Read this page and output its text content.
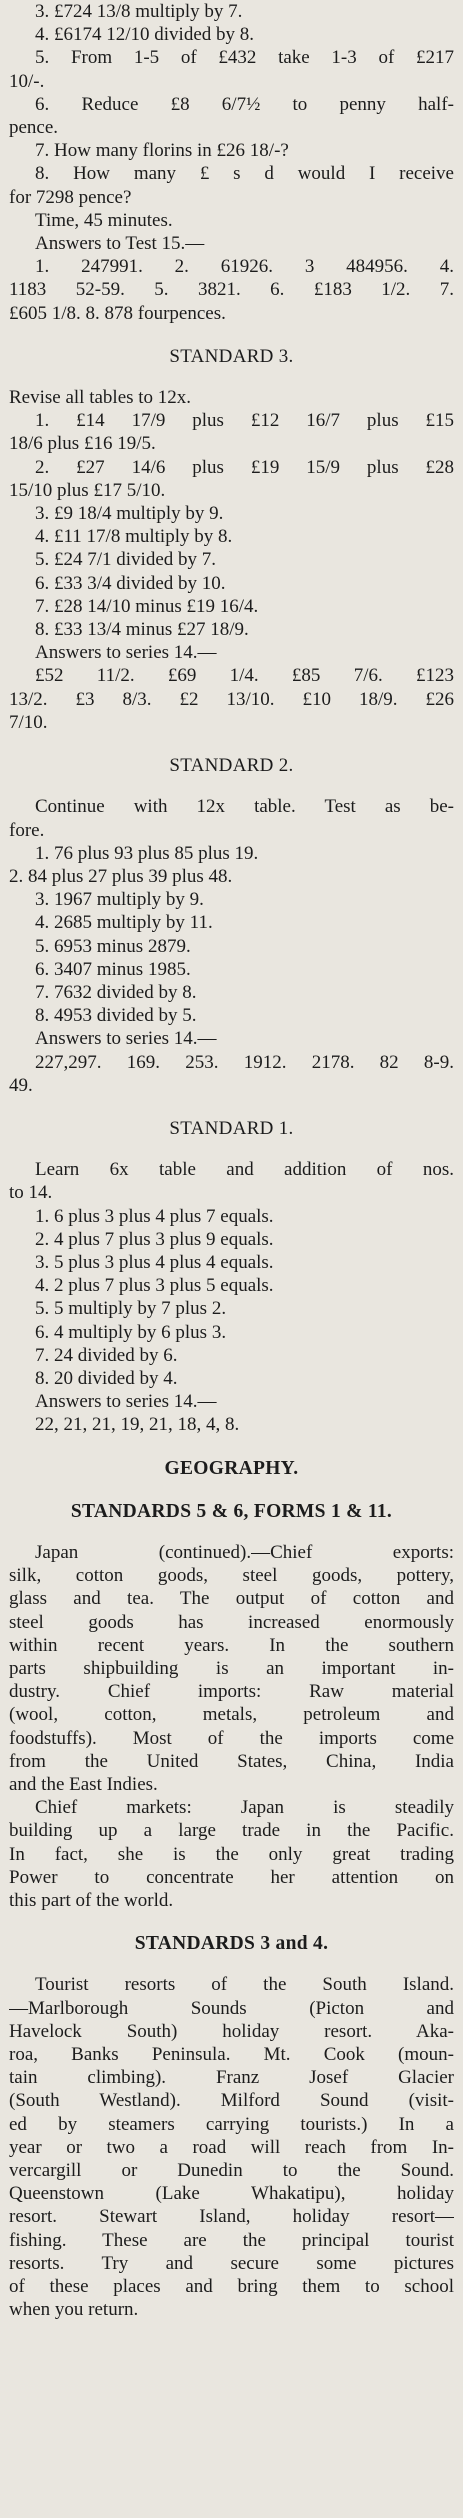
3. £724 13/8 multiply by 7.
4. £6174 12/10 divided by 8.
5. From 1-5 of £432 take 1-3 of £217
10/-.
6. Reduce £8 6/7½ to penny half-
pence.
7. How many florins in £26 18/-?
8. How many £ s d would I receive
for 7298 pence?
Time, 45 minutes.
Answers to Test 15.—
1. 247991. 2. 61926. 3 484956. 4.
1183 52-59. 5. 3821. 6. £183 1/2. 7.
£605 1/8. 8. 878 fourpences.
STANDARD 3.
Revise all tables to 12x.
1. £14 17/9 plus £12 16/7 plus £15
18/6 plus £16 19/5.
2. £27 14/6 plus £19 15/9 plus £28
15/10 plus £17 5/10.
3. £9 18/4 multiply by 9.
4. £11 17/8 multiply by 8.
5. £24 7/1 divided by 7.
6. £33 3/4 divided by 10.
7. £28 14/10 minus £19 16/4.
8. £33 13/4 minus £27 18/9.
Answers to series 14.—
£52 11/2. £69 1/4. £85 7/6. £123
13/2. £3 8/3. £2 13/10. £10 18/9. £26
7/10.
STANDARD 2.
Continue with 12x table. Test as be-
fore.
1. 76 plus 93 plus 85 plus 19.
2. 84 plus 27 plus 39 plus 48.
3. 1967 multiply by 9.
4. 2685 multiply by 11.
5. 6953 minus 2879.
6. 3407 minus 1985.
7. 7632 divided by 8.
8. 4953 divided by 5.
Answers to series 14.—
227,297. 169. 253. 1912. 2178. 82 8-9.
49.
STANDARD 1.
Learn 6x table and addition of nos.
to 14.
1. 6 plus 3 plus 4 plus 7 equals.
2. 4 plus 7 plus 3 plus 9 equals.
3. 5 plus 3 plus 4 plus 4 equals.
4. 2 plus 7 plus 3 plus 5 equals.
5. 5 multiply by 7 plus 2.
6. 4 multiply by 6 plus 3.
7. 24 divided by 6.
8. 20 divided by 4.
Answers to series 14.—
22, 21, 21, 19, 21, 18, 4, 8.
GEOGRAPHY.
STANDARDS 5 & 6, FORMS 1 & 11.
Japan (continued).—Chief exports:
silk, cotton goods, steel goods, pottery,
glass and tea. The output of cotton and
steel goods has increased enormously
within recent years. In the southern
parts shipbuilding is an important in-
dustry. Chief imports: Raw material
(wool, cotton, metals, petroleum and
foodstuffs). Most of the imports come
from the United States, China, India
and the East Indies.
Chief markets: Japan is steadily
building up a large trade in the Pacific.
In fact, she is the only great trading
Power to concentrate her attention on
this part of the world.
STANDARDS 3 and 4.
Tourist resorts of the South Island.
—Marlborough Sounds (Picton and
Havelock South) holiday resort. Aka-
roa, Banks Peninsula. Mt. Cook (moun-
tain climbing). Franz Josef Glacier
(South Westland). Milford Sound (visit-
ed by steamers carrying tourists.) In a
year or two a road will reach from In-
vercargill or Dunedin to the Sound.
Queenstown (Lake Whakatipu), holiday
resort. Stewart Island, holiday resort—
fishing. These are the principal tourist
resorts. Try and secure some pictures
of these places and bring them to school
when you return.
